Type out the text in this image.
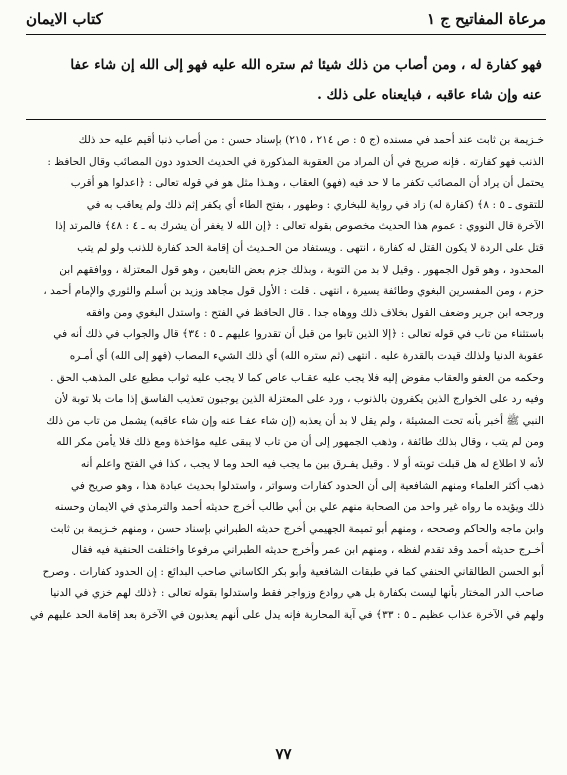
مرعاة المفاتيح ج ١
كتاب الايمان
فهو كفارة له ، ومن أصاب من ذلك شيئا ثم ستره الله عليه فهو إلى الله إن شاء عفا
عنه وإن شاء عاقبه ، فبايعناه على ذلك .
خـزيمة بن ثابت عند أحمد في مسنده (ج ٥ : ص ٢١٤ ، ٢١٥) بإسناد حسن : من أصاب ذنبا أقيم عليه حد ذلك
الذنب فهو كفارته . فإنه صريح في أن المراد من العقوبة المذكورة في الحديث الحدود دون المصائب وقال الحافظ :
يحتمل أن يراد أن المصائب تكفر ما لا حد فيه (فهو) العقاب ، وهـذا مثل هو في قوله تعالى : ﴿اعدلوا هو أقرب
للتقوى ـ ٥ : ٨﴾ (كفارة له) زاد في رواية للبخاري : وطهور ، بفتح الطاء أي يكفر إثم ذلك ولم يعاقب به في
الآخرة قال النووي : عموم هذا الحديث مخصوص بقوله تعالى : ﴿إن الله لا يغفر أن يشرك به ـ ٤ : ٤٨﴾ فالمرتد إذا
قتل على الردة لا يكون القتل له كفارة ، انتهى . ويستفاد من الحـديث أن إقامة الحد كفارة للذنب ولو لم يتب
المحدود ، وهو قول الجمهور . وقيل لا بد من التوبة ، وبذلك جزم بعض التابعين ، وهو قول المعتزلة ، ووافقهم ابن
حزم ، ومن المفسرين البغوي وطائفة يسيرة ، انتهى . قلت : الأول قول مجاهد وزيد بن أسلم والثوري والإمام أحمد ،
ورجحه ابن جرير وضعف القول بخلاف ذلك ووهاه جدا . قال الحافظ في الفتح : واستدل البغوي ومن وافقه
باستثناء من تاب في قوله تعالى : ﴿إلا الذين تابوا من قبل أن تقدروا عليهم ـ ٥ : ٣٤﴾ قال والجواب في ذلك أنه في
عقوبة الدنيا ولذلك قيدت بالقدرة عليه . انتهى (ثم ستره الله) أي ذلك الشيء المصاب (فهو إلى الله) أي أمـره
وحكمه من العفو والعقاب مفوض إليه فلا يجب عليه عقـاب عاص كما لا يجب عليه ثواب مطيع على المذهب الحق .
وفيه رد على الخوارج الذين يكفرون بالذنوب ، ورد على المعتزلة الذين يوجبون تعذيب الفاسق إذا مات بلا توبة لأن
النبي ﷺ أخبر بأنه تحت المشيئة ، ولم يقل لا بد أن يعذبه (إن شاء عفـا عنه وإن شاء عاقبه) يشمل من تاب من ذلك
ومن لم يتب ، وقال بذلك طائفة ، وذهب الجمهور إلى أن من تاب لا يبقى عليه مؤاخذة ومع ذلك فلا يأمن مكر الله
لأنه لا اطلاع له هل قبلت توبته أو لا . وقيل يفـرق بين ما يجب فيه الحد وما لا يجب ، كذا في الفتح واعلم أنه
ذهب أكثر العلماء ومنهم الشافعية إلى أن الحدود كفارات وسواتر ، واستدلوا بحديث عبادة هذا ، وهو صريح في
ذلك ويؤيده ما رواه غير واحد من الصحابة منهم علي بن أبي طالب أخرج حديثه أحمد والترمذي في الايمان وحسنه
وابن ماجه والحاكم وصححه ، ومنهم أبو تميمة الجهيمي أخرج حديثه الطبراني بإسناد حسن ، ومنهم خـزيمة بن ثابت
أخـرج حديثه أحمد وقد تقدم لفظه ، ومنهم ابن عمر وأخرج حديثه الطبراني مرفوعا واختلفت الحنفية فيه فقال
أبو الحسن الطالقاني الحنفي كما في طبقات الشافعية وأبو بكر الكاساني صاحب البدائع : إن الحدود كفارات . وصرح
صاحب الدر المختار بأنها ليست بكفارة بل هي روادع وزواجر فقط واستدلوا بقوله تعالى : ﴿ذلك لهم خزي في الدنيا
ولهم في الآخرة عذاب عظيم ـ ٥ : ٣٣﴾ في آية المحاربة فإنه يدل على أنهم يعذبون في الآخرة بعد إقامة الحد عليهم في
٧٧
